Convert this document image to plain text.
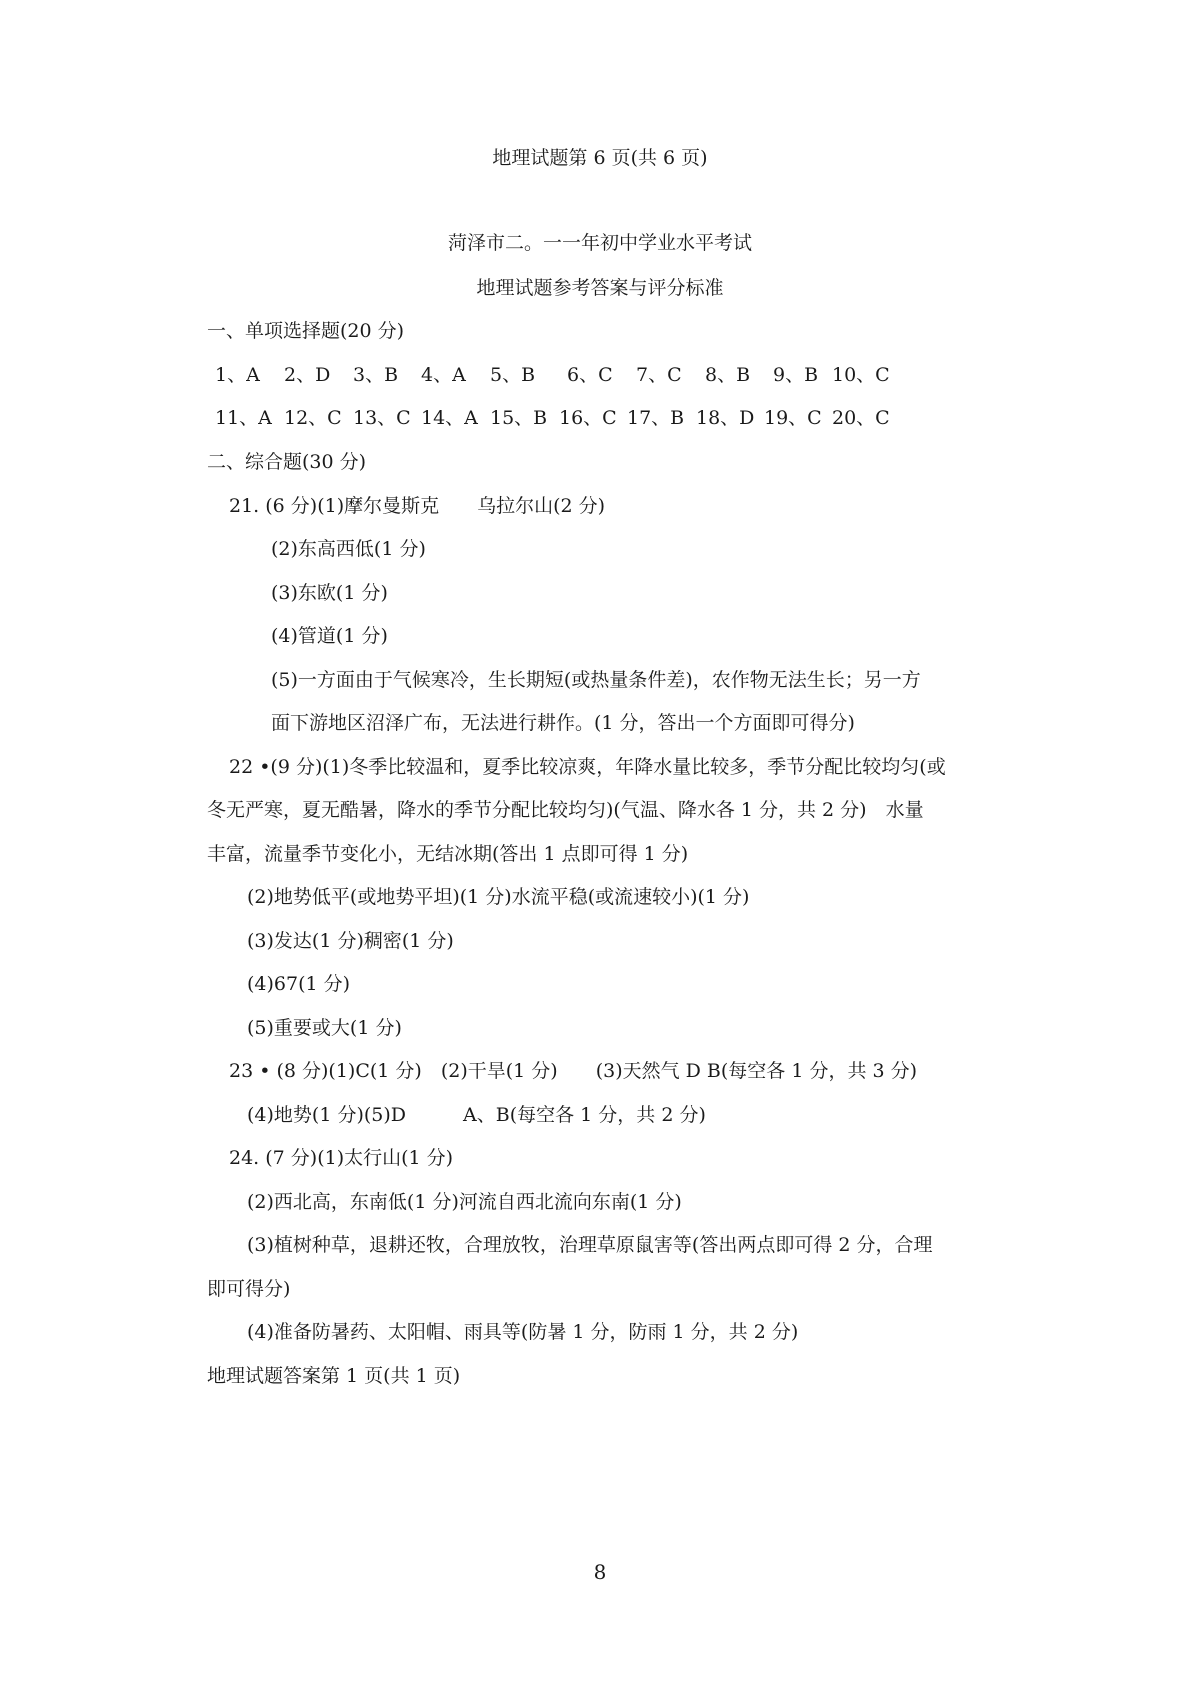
地理试题第 6 页(共 6 页)
菏泽市二。一一年初中学业水平考试
地理试题参考答案与评分标准
一、单项选择题(20 分)
1、A 2、D 3、B 4、A 5、B 6、C 7、C 8、B 9、B 10、C
11、A 12、C 13、C 14、A 15、B 16、C 17、B 18、D 19、C 20、C
二、综合题(30 分)
21. (6 分)(1)摩尔曼斯克　　乌拉尔山(2 分)
(2)东高西低(1 分)
(3)东欧(1 分)
(4)管道(1 分)
(5)一方面由于气候寒冷，生长期短(或热量条件差)，农作物无法生长；另一方
面下游地区沼泽广布，无法进行耕作。(1 分，答出一个方面即可得分)
22 •(9 分)(1)冬季比较温和，夏季比较凉爽，年降水量比较多，季节分配比较均匀(或
冬无严寒，夏无酷暑，降水的季节分配比较均匀)(气温、降水各 1 分，共 2 分)　水量
丰富，流量季节变化小，无结冰期(答出 1 点即可得 1 分)
(2)地势低平(或地势平坦)(1 分)水流平稳(或流速较小)(1 分)
(3)发达(1 分)稠密(1 分)
(4)67(1 分)
(5)重要或大(1 分)
23 • (8 分)(1)C(1 分)　(2)干旱(1 分)　　(3)天然气 D B(每空各 1 分，共 3 分)
(4)地势(1 分)(5)D　　　A、B(每空各 1 分，共 2 分)
24. (7 分)(1)太行山(1 分)
(2)西北高，东南低(1 分)河流自西北流向东南(1 分)
(3)植树种草，退耕还牧，合理放牧，治理草原鼠害等(答出两点即可得 2 分，合理
即可得分)
(4)准备防暑药、太阳帽、雨具等(防暑 1 分，防雨 1 分，共 2 分)
地理试题答案第 1 页(共 1 页)
8
